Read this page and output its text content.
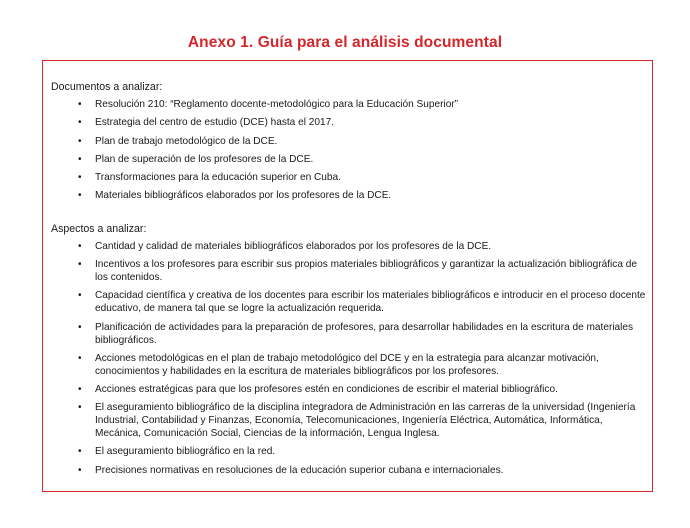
Anexo 1. Guía para el análisis documental
Documentos a analizar:
• Resolución 210: “Reglamento docente-metodológico para la Educación Superior”
• Estrategia del centro de estudio (DCE) hasta el 2017.
• Plan de trabajo metodológico de la DCE.
• Plan de superación de los profesores de la DCE.
• Transformaciones para la educación superior en Cuba.
• Materiales bibliográficos elaborados por los profesores de la DCE.
Aspectos a analizar:
• Cantidad y calidad de materiales bibliográficos elaborados por los profesores de la DCE.
• Incentivos a los profesores para escribir sus propios materiales bibliográficos y garantizar la actualización bibliográfica de los contenidos.
• Capacidad científica y creativa de los docentes para escribir los materiales bibliográficos e introducir en el proceso docente educativo, de manera tal que se logre la actualización requerida.
• Planificación de actividades para la preparación de profesores, para desarrollar habilidades en la escritura de materiales bibliográficos.
• Acciones metodológicas en el plan de trabajo metodológico del DCE y en la estrategia para alcanzar motivación, conocimientos y habilidades en la escritura de materiales bibliográficos por los profesores.
• Acciones estratégicas para que los profesores estén en condiciones de escribir el material bibliográfico.
• El aseguramiento bibliográfico de la disciplina integradora de Administración en las carreras de la universidad (Ingeniería Industrial, Contabilidad y Finanzas, Economía, Telecomunicaciones, Ingeniería Eléctrica, Automática, Informática, Mecánica, Comunicación Social, Ciencias de la información, Lengua Inglesa.
• El aseguramiento bibliográfico en la red.
• Precisiones normativas en resoluciones de la educación superior cubana e internacionales.
